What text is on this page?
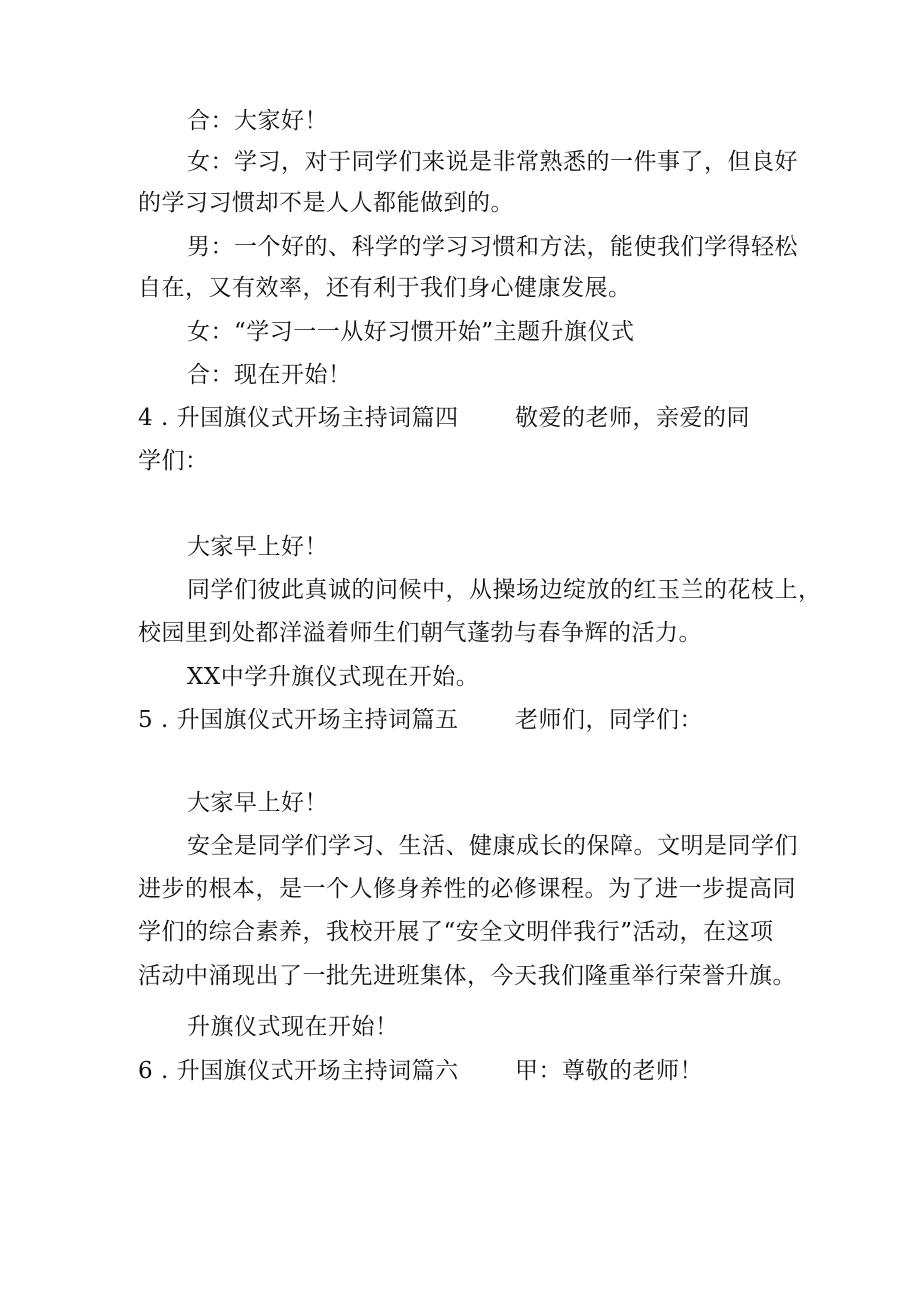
合：大家好！
女：学习，对于同学们来说是非常熟悉的一件事了，但良好
的学习习惯却不是人人都能做到的。
男：一个好的、科学的学习习惯和方法，能使我们学得轻松
自在，又有效率，还有利于我们身心健康发展。
女：“学习一一从好习惯开始”主题升旗仪式
合：现在开始！
4 . 升国旗仪式开场主持词篇四 敬爱的老师，亲爱的同
学们：
大家早上好！
同学们彼此真诚的问候中，从操场边绽放的红玉兰的花枝上，
校园里到处都洋溢着师生们朝气蓬勃与春争辉的活力。
XX中学升旗仪式现在开始。
5 . 升国旗仪式开场主持词篇五 老师们，同学们：
大家早上好！
安全是同学们学习、生活、健康成长的保障。文明是同学们
进步的根本，是一个人修身养性的必修课程。为了进一步提高同
学们的综合素养，我校开展了“安全文明伴我行”活动，在这项
活动中涌现出了一批先进班集体，今天我们隆重举行荣誉升旗。
升旗仪式现在开始！
6 . 升国旗仪式开场主持词篇六 甲：尊敬的老师！
